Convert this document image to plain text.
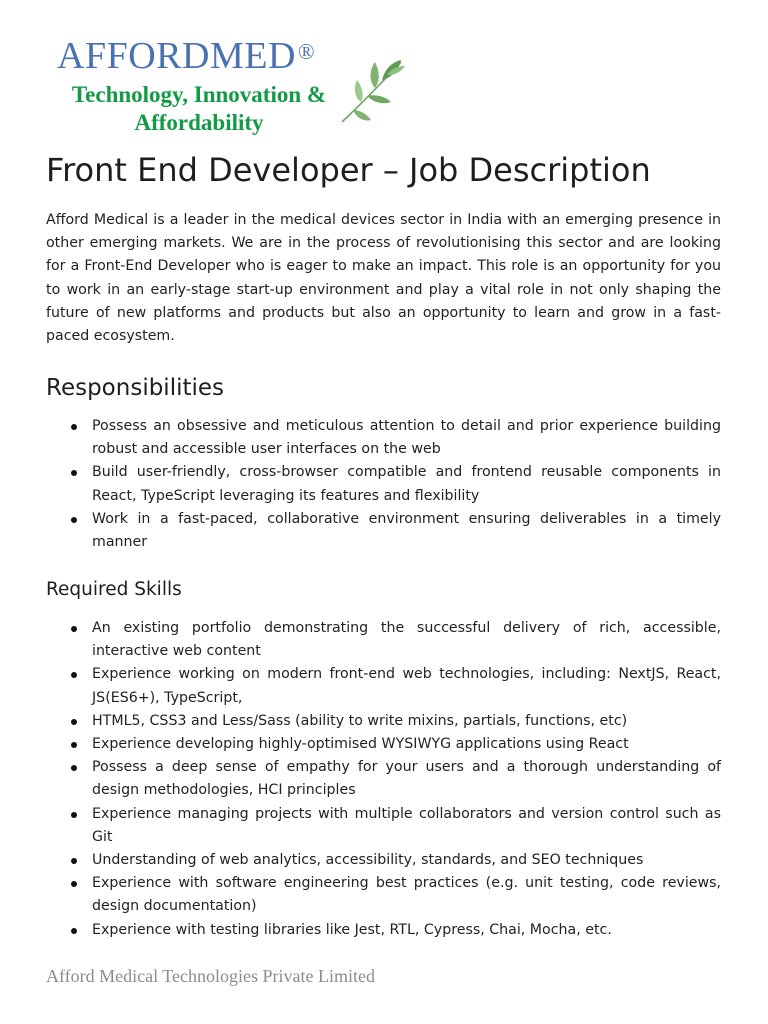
AFFORDMED®
Technology, Innovation &
Affordability
Front End Developer – Job Description

Afford Medical is a leader in the medical devices sector in India with an emerging presence in other emerging markets. We are in the process of revolutionising this sector and are looking for a Front-End Developer who is eager to make an impact. This role is an opportunity for you to work in an early-stage start-up environment and play a vital role in not only shaping the future of new platforms and products but also an opportunity to learn and grow in a fast-paced ecosystem.

Responsibilities
Possess an obsessive and meticulous attention to detail and prior experience building robust and accessible user interfaces on the web
Build user-friendly, cross-browser compatible and frontend reusable components in React, TypeScript leveraging its features and flexibility
Work in a fast-paced, collaborative environment ensuring deliverables in a timely manner
Required Skills
An existing portfolio demonstrating the successful delivery of rich, accessible, interactive web content
Experience working on modern front-end web technologies, including: NextJS, React, JS(ES6+), TypeScript,
HTML5, CSS3 and Less/Sass (ability to write mixins, partials, functions, etc)
Experience developing highly-optimised WYSIWYG applications using React
Possess a deep sense of empathy for your users and a thorough understanding of design methodologies, HCI principles
Experience managing projects with multiple collaborators and version control such as Git
Understanding of web analytics, accessibility, standards, and SEO techniques
Experience with software engineering best practices (e.g. unit testing, code reviews, design documentation)
Experience with testing libraries like Jest, RTL, Cypress, Chai, Mocha, etc.

Afford Medical Technologies Private Limited
